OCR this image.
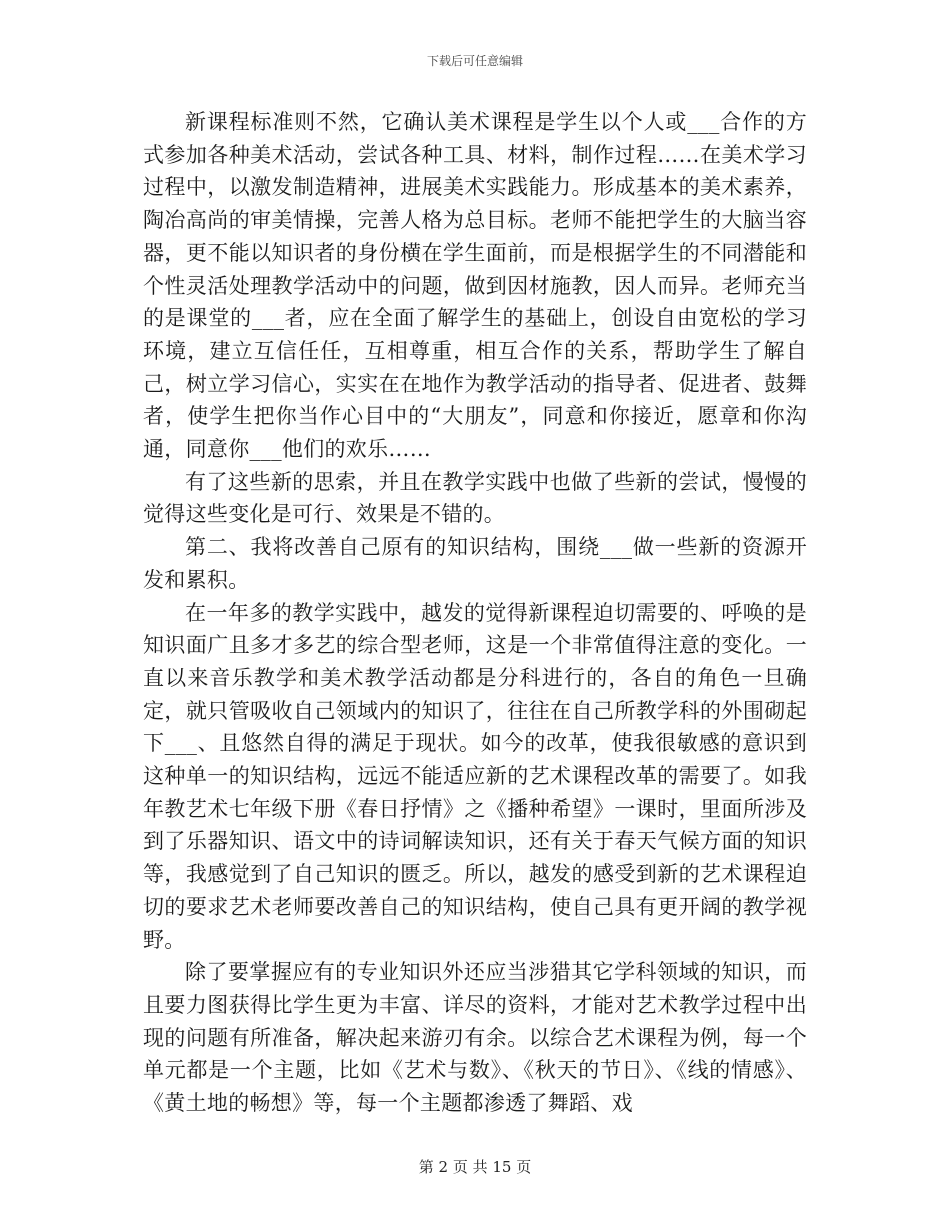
下载后可任意编辑

新课程标准则不然，它确认美术课程是学生以个人或___合作的方式参加各种美术活动，尝试各种工具、材料，制作过程……在美术学习过程中，以激发制造精神，进展美术实践能力。形成基本的美术素养，陶冶高尚的审美情操，完善人格为总目标。老师不能把学生的大脑当容器，更不能以知识者的身份横在学生面前，而是根据学生的不同潜能和个性灵活处理教学活动中的问题，做到因材施教，因人而异。老师充当的是课堂的___者，应在全面了解学生的基础上，创设自由宽松的学习环境，建立互信任任，互相尊重，相互合作的关系，帮助学生了解自己，树立学习信心，实实在在地作为教学活动的指导者、促进者、鼓舞者，使学生把你当作心目中的“大朋友”，同意和你接近，愿章和你沟通，同意你___他们的欢乐……

有了这些新的思索，并且在教学实践中也做了些新的尝试，慢慢的觉得这些变化是可行、效果是不错的。

第二、我将改善自己原有的知识结构，围绕___做一些新的资源开发和累积。

在一年多的教学实践中，越发的觉得新课程迫切需要的、呼唤的是知识面广且多才多艺的综合型老师，这是一个非常值得注意的变化。一直以来音乐教学和美术教学活动都是分科进行的，各自的角色一旦确定，就只管吸收自己领域内的知识了，往往在自己所教学科的外围砌起下___、且悠然自得的满足于现状。如今的改革，使我很敏感的意识到这种单一的知识结构，远远不能适应新的艺术课程改革的需要了。如我年教艺术七年级下册《春日抒情》之《播种希望》一课时，里面所涉及到了乐器知识、语文中的诗词解读知识，还有关于春天气候方面的知识等，我感觉到了自己知识的匮乏。所以，越发的感受到新的艺术课程迫切的要求艺术老师要改善自己的知识结构，使自己具有更开阔的教学视野。

除了要掌握应有的专业知识外还应当涉猎其它学科领域的知识，而且要力图获得比学生更为丰富、详尽的资料，才能对艺术教学过程中出现的问题有所准备，解决起来游刃有余。以综合艺术课程为例，每一个单元都是一个主题，比如《艺术与数》、《秋天的节日》、《线的情感》、《黄土地的畅想》等，每一个主题都渗透了舞蹈、戏

第 2 页 共 15 页
